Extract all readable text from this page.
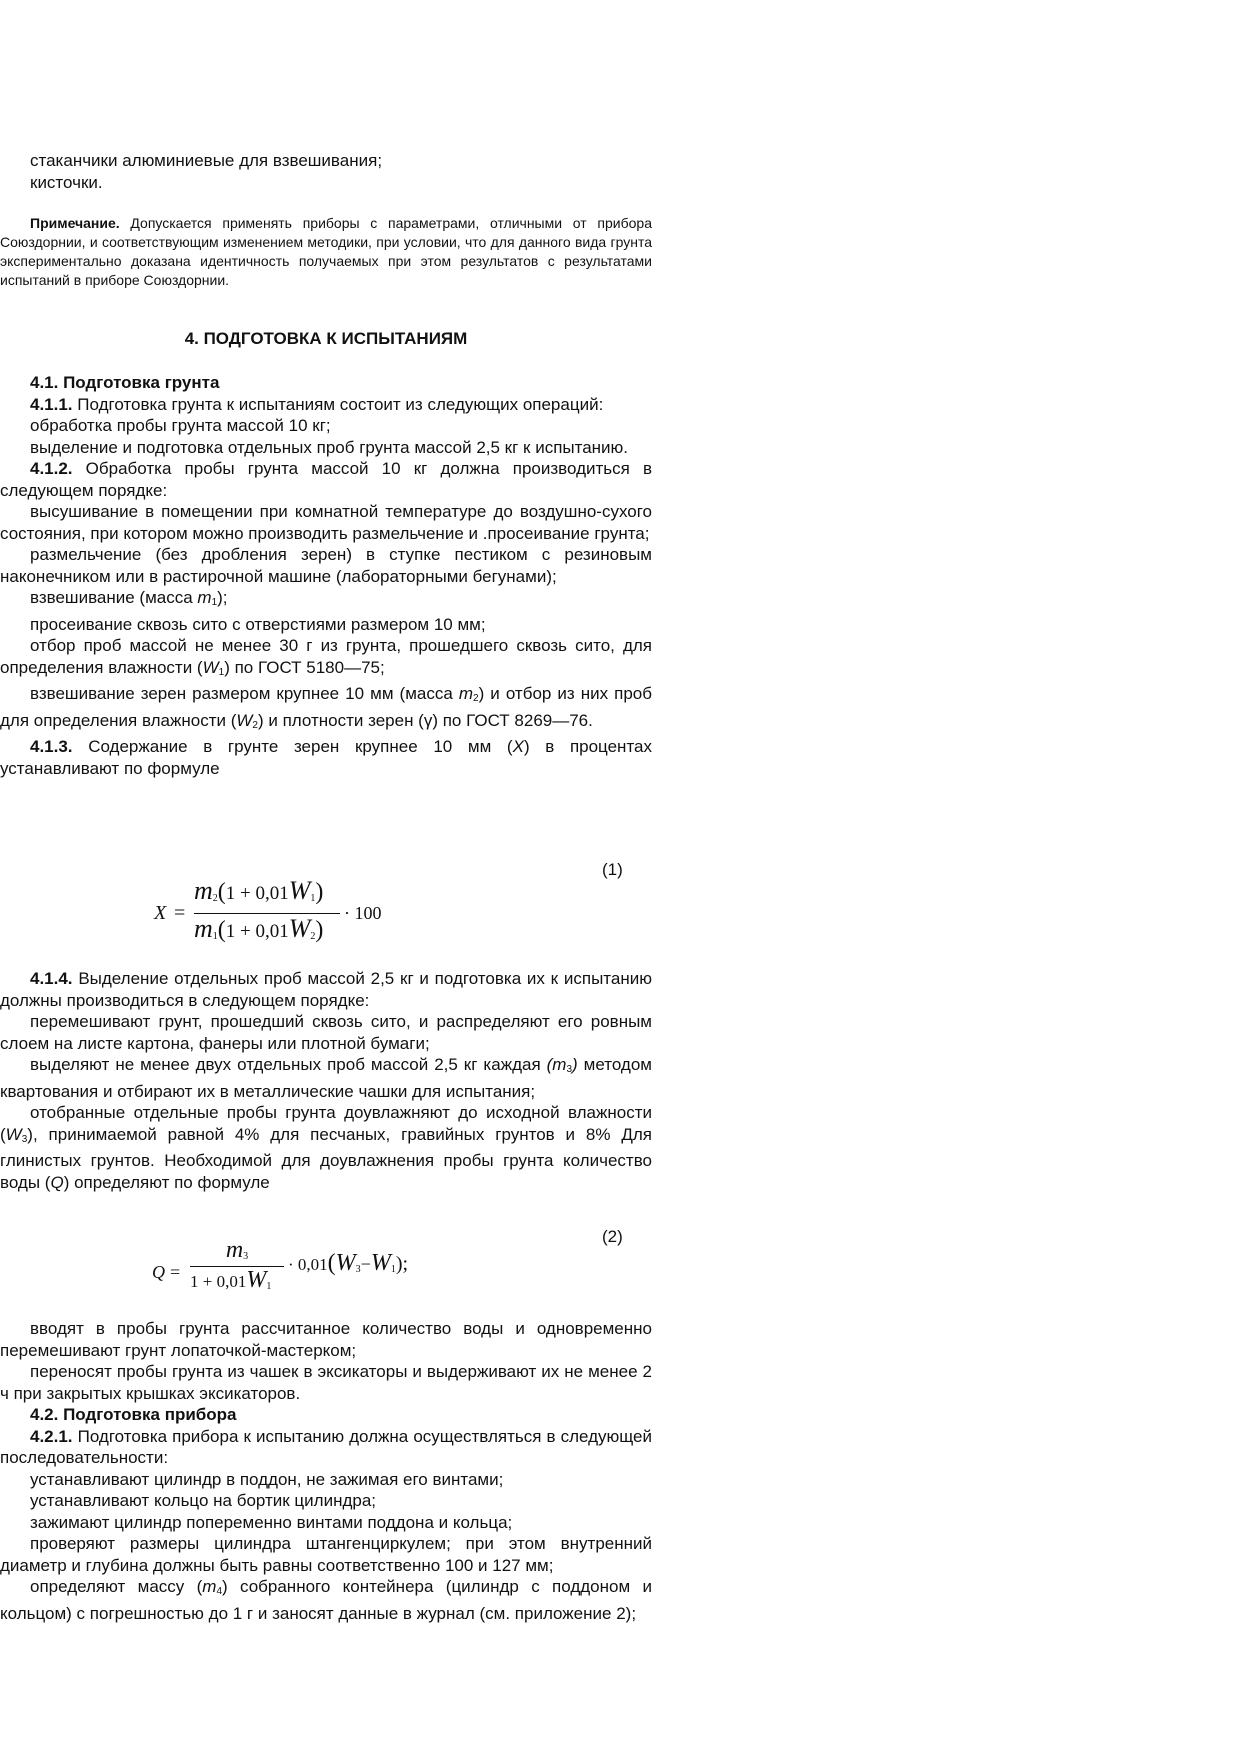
стаканчики алюминиевые для взвешивания;

кисточки.

Примечание. Допускается применять приборы с параметрами, отличными от прибора Союздорнии, и соответствующим изменением методики, при условии, что для данного вида грунта экспериментально доказана идентичность получаемых при этом результатов с результатами испытаний в приборе Союздорнии.

4. ПОДГОТОВКА К ИСПЫТАНИЯМ

4.1. Подготовка грунта

4.1.1. Подготовка грунта к испытаниям состоит из следующих операций:

обработка пробы грунта массой 10 кг;

выделение и подготовка отдельных проб грунта массой 2,5 кг к испытанию.

4.1.2. Обработка пробы грунта массой 10 кг должна производиться в следующем порядке:

высушивание в помещении при комнатной температуре до воздушно-сухого состояния, при котором можно производить размельчение и .просеивание грунта;

размельчение (без дробления зерен) в ступке пестиком с резиновым наконечником или в растирочной машине (лабораторными бегунами);

взвешивание (масса $m_1$);

просеивание сквозь сито с отверстиями размером 10 мм;

отбор проб массой не менее 30 г из грунта, прошедшего сквозь сито, для определения влажности $(W_1)$ по ГОСТ 5180—75;

взвешивание зерен размером крупнее 10 мм (масса $m_2$) и отбор из них проб для определения влажности $(W_2)$ и плотности зерен (γ) по ГОСТ 8269—76.

4.1.3. Содержание в грунте зерен крупнее 10 мм (X) в процентах устанавливают по формуле

(1)
X =
$m_2(1 + 0,01W_1)$
$m_1(1 + 0,01W_2)$
· 100

4.1.4. Выделение отдельных проб массой 2,5 кг и подготовка их к испытанию должны производиться в следующем порядке:

перемешивают грунт, прошедший сквозь сито, и распределяют его ровным слоем на листе картона, фанеры или плотной бумаги;

выделяют не менее двух отдельных проб массой 2,5 кг каждая $(m_3)$ методом квартования и отбирают их в металлические чашки для испытания;

отобранные отдельные пробы грунта доувлажняют до исходной влажности $(W_3)$, принимаемой равной 4% для песчаных, гравийных грунтов и 8% Для глинистых грунтов. Необходимой для доувлажнения пробы грунта количество воды (Q) определяют по формуле

(2)
Q =
$m_3$
$1 + 0,01W_1$
· $0,01(W_3-W_1)$;

вводят в пробы грунта рассчитанное количество воды и одновременно перемешивают грунт лопаточкой-мастерком;

переносят пробы грунта из чашек в эксикаторы и выдерживают их не менее 2 ч при закрытых крышках эксикаторов.

4.2. Подготовка прибора

4.2.1. Подготовка прибора к испытанию должна осуществляться в следующей последовательности:

устанавливают цилиндр в поддон, не зажимая его винтами;

устанавливают кольцо на бортик цилиндра;

зажимают цилиндр попеременно винтами поддона и кольца;

проверяют размеры цилиндра штангенциркулем; при этом внутренний диаметр и глубина должны быть равны соответственно 100 и 127 мм;

определяют массу $(m_4)$ собранного контейнера (цилиндр с поддоном и кольцом) с погрешностью до 1 г и заносят данные в журнал (см. приложение 2);
